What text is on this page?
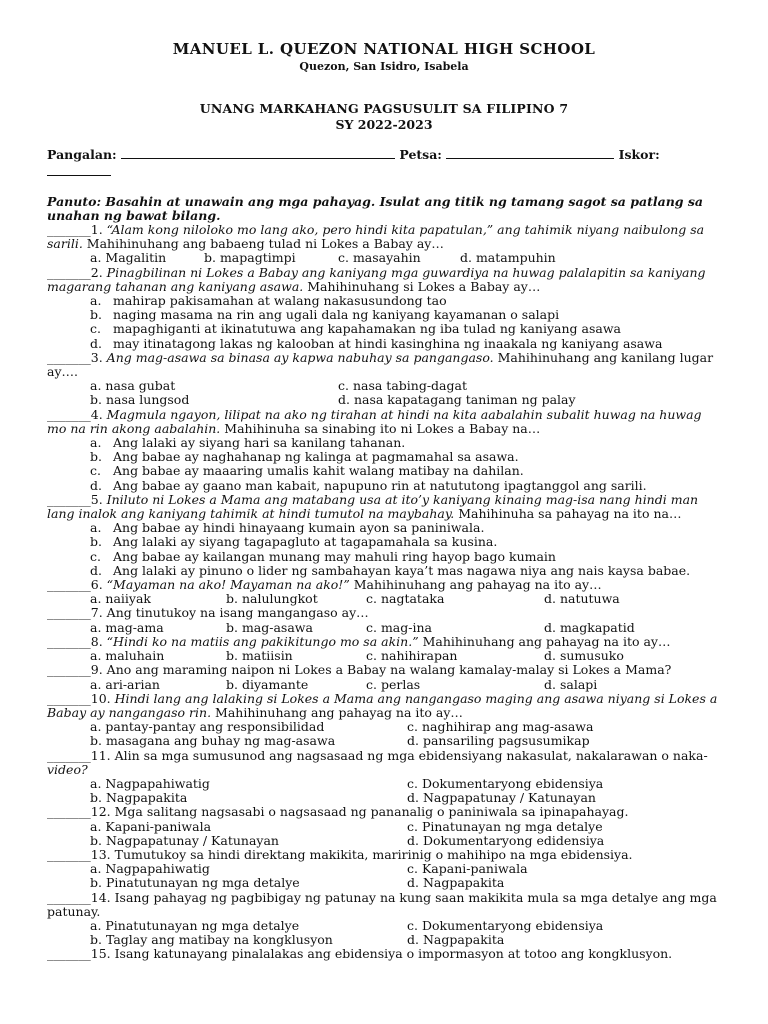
MANUEL L. QUEZON NATIONAL HIGH SCHOOL
Quezon, San Isidro, Isabela
UNANG MARKAHANG PAGSUSULIT SA FILIPINO 7
SY 2022-2023
Pangalan:	Petsa:	Iskor:

Panuto: Basahin at unawain ang mga pahayag. Isulat ang titik ng tamang sagot sa patlang sa unahan ng bawat bilang.
_______1. “Alam kong niloloko mo lang ako, pero hindi kita papatulan,” ang tahimik niyang naibulong sa sarili. Mahihinuhang ang babaeng tulad ni Lokes a Babay ay…
a. Magalitin	b. mapagtimpi	c. masayahin	d. matampuhin
_______2. Pinagbilinan ni Lokes a Babay ang kaniyang mga guwardiya na huwag palalapitin sa kaniyang magarang tahanan ang kaniyang asawa. Mahihinuhang si Lokes a Babay ay…
a. mahirap pakisamahan at walang nakasusundong tao
b. naging masama na rin ang ugali dala ng kaniyang kayamanan o salapi
c. mapaghiganti at ikinatutuwa ang kapahamakan ng iba tulad ng kaniyang asawa
d. may itinatagong lakas ng kalooban at hindi kasinghina ng inaakala ng kaniyang asawa
_______3. Ang mag-asawa sa binasa ay kapwa nabuhay sa pangangaso. Mahihinuhang ang kanilang lugar ay….
a. nasa gubat	c. nasa tabing-dagat
b. nasa lungsod	d. nasa kapatagang taniman ng palay
_______4. Magmula ngayon, lilipat na ako ng tirahan at hindi na kita aabalahin subalit huwag na huwag mo na rin akong aabalahin. Mahihinuha sa sinabing ito ni Lokes a Babay na…
a. Ang lalaki ay siyang hari sa kanilang tahanan.
b. Ang babae ay naghahanap ng kalinga at pagmamahal sa asawa.
c. Ang babae ay maaaring umalis kahit walang matibay na dahilan.
d. Ang babae ay gaano man kabait, napupuno rin at natututong ipagtanggol ang sarili.
_______5. Iniluto ni Lokes a Mama ang matabang usa at ito’y kaniyang kinaing mag-isa nang hindi man lang inalok ang kaniyang tahimik at hindi tumutol na maybahay. Mahihinuha sa pahayag na ito na…
a. Ang babae ay hindi hinayaang kumain ayon sa paniniwala.
b. Ang lalaki ay siyang tagapagluto at tagapamahala sa kusina.
c. Ang babae ay kailangan munang may mahuli ring hayop bago kumain
d. Ang lalaki ay pinuno o lider ng sambahayan kaya’t mas nagawa niya ang nais kaysa babae.
_______6. “Mayaman na ako! Mayaman na ako!” Mahihinuhang ang pahayag na ito ay…
a. naiiyak	b. nalulungkot	c. nagtataka	d. natutuwa
_______7. Ang tinutukoy na isang mangangaso ay…
a. mag-ama	b. mag-asawa	c. mag-ina	d. magkapatid
_______8. “Hindi ko na matiis ang pakikitungo mo sa akin.” Mahihinuhang ang pahayag na ito ay…
a. maluhain	b. matiisin	c. nahihirapan	d. sumusuko
_______9. Ano ang maraming naipon ni Lokes a Babay na walang kamalay-malay si Lokes a Mama?
a. ari-arian	b. diyamante	c. perlas	d. salapi
_______10. Hindi lang ang lalaking si Lokes a Mama ang nangangaso maging ang asawa niyang si Lokes a Babay ay nangangaso rin. Mahihinuhang ang pahayag na ito ay…
a. pantay-pantay ang responsibilidad	c. naghihirap ang mag-asawa
b. masagana ang buhay ng mag-asawa	d. pansariling pagsusumikap
_______11. Alin sa mga sumusunod ang nagsasaad ng mga ebidensiyang nakasulat, nakalarawan o naka-video?
a. Nagpapahiwatig	c. Dokumentaryong ebidensiya
b. Nagpapakita	d. Nagpapatunay / Katunayan
_______12. Mga salitang nagsasabi o nagsasaad ng pananalig o paniniwala sa ipinapahayag.
a. Kapani-paniwala	c. Pinatunayan ng mga detalye
b. Nagpapatunay / Katunayan	d. Dokumentaryong edidensiya
_______13. Tumutukoy sa hindi direktang makikita, maririnig o mahihipo na mga ebidensiya.
a. Nagpapahiwatig	c. Kapani-paniwala
b. Pinatutunayan ng mga detalye	d. Nagpapakita
_______14. Isang pahayag ng pagbibigay ng patunay na kung saan makikita mula sa mga detalye ang mga patunay.
a. Pinatutunayan ng mga detalye	c. Dokumentaryong ebidensiya
b. Taglay ang matibay na kongklusyon	d. Nagpapakita
_______15. Isang katunayang pinalalakas ang ebidensiya o impormasyon at totoo ang kongklusyon.
